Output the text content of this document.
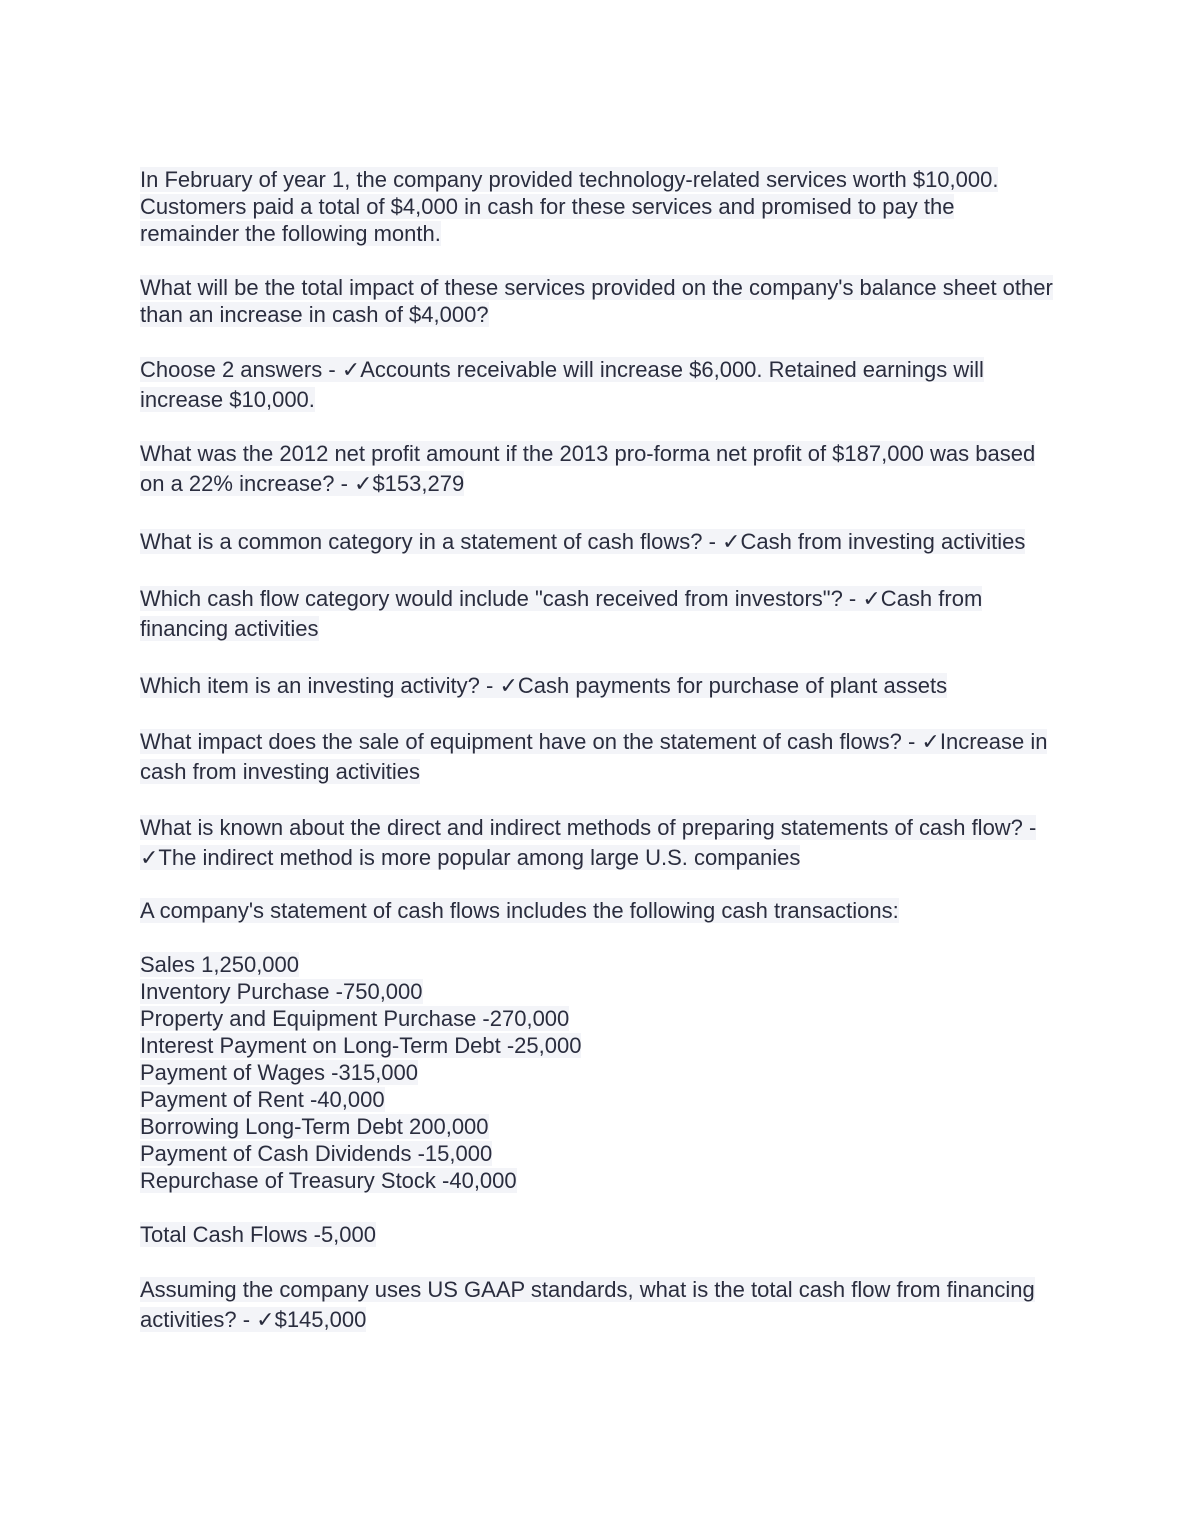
In February of year 1, the company provided technology-related services worth $10,000. Customers paid a total of $4,000 in cash for these services and promised to pay the remainder the following month.

What will be the total impact of these services provided on the company's balance sheet other than an increase in cash of $4,000?

Choose 2 answers - ✓Accounts receivable will increase $6,000. Retained earnings will increase $10,000.

What was the 2012 net profit amount if the 2013 pro-forma net profit of $187,000 was based on a 22% increase? - ✓$153,279

What is a common category in a statement of cash flows? - ✓Cash from investing activities

Which cash flow category would include "cash received from investors"? - ✓Cash from financing activities

Which item is an investing activity? - ✓Cash payments for purchase of plant assets

What impact does the sale of equipment have on the statement of cash flows? - ✓Increase in cash from investing activities

What is known about the direct and indirect methods of preparing statements of cash flow? - ✓The indirect method is more popular among large U.S. companies

A company's statement of cash flows includes the following cash transactions:

Sales 1,250,000
Inventory Purchase -750,000
Property and Equipment Purchase -270,000
Interest Payment on Long-Term Debt -25,000
Payment of Wages -315,000
Payment of Rent -40,000
Borrowing Long-Term Debt 200,000
Payment of Cash Dividends -15,000
Repurchase of Treasury Stock -40,000

Total Cash Flows -5,000

Assuming the company uses US GAAP standards, what is the total cash flow from financing activities? - ✓$145,000
